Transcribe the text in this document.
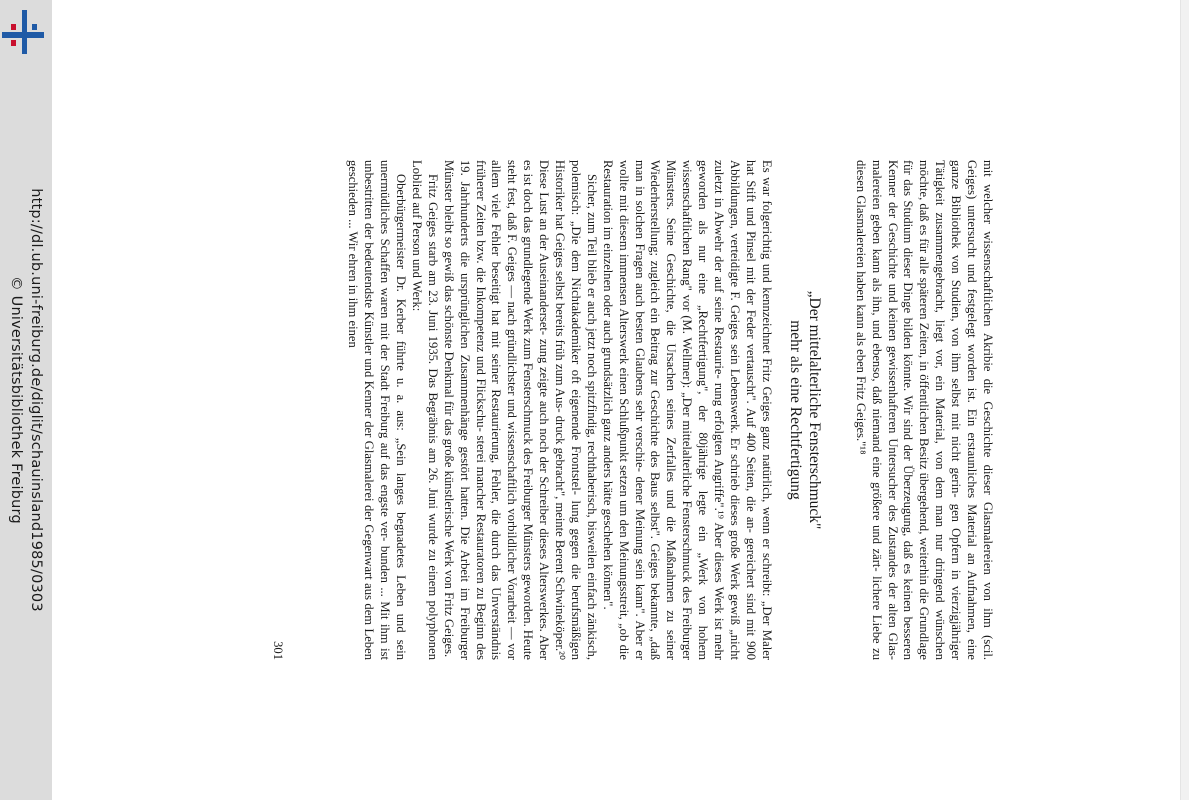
http://dl.ub.uni-freiburg.de/diglit/schauinsland1985/0303
© Universitätsbibliothek Freiburg	mit welcher wissenschaftlichen Akribie die Geschichte dieser Glasmalereien von ihm (scil. Geiges) untersucht und festgelegt worden ist. Ein erstaunliches Material an Aufnahmen, eine ganze Bibliothek von Studien, von ihm selbst mit nicht gerin- gen Opfern in vierzigjähriger Tätigkeit zusammengebracht, liegt vor, ein Material, von dem man nur dringend wünschen möchte, daß es für alle späteren Zeiten, in öffentlichen Besitz übergehend, weiterhin die Grundlage für das Studium dieser Dinge bilden könnte. Wir sind der Überzeugung, daß es keinen besseren Kenner der Geschichte und keinen gewissenhafteren Untersucher des Zustandes der alten Glas- malereien geben kann als ihn, und ebenso, daß niemand eine größere und zärt- lichere Liebe zu diesen Glasmalereien haben kann als eben Fritz Geiges."¹⁸

„Der mittelalterliche Fensterschmuck"
mehr als eine Rechtfertigung

Es war folgerichtig und kennzeichnet Fritz Geiges ganz natürlich, wenn er schreibt: „Der Maler hat Stift und Pinsel mit der Feder vertauscht". Auf 400 Seiten, die an- gereichert sind mit 900 Abbildungen, verteidigte F. Geiges sein Lebenswerk. Er schrieb dieses große Werk gewiß „nicht zuletzt in Abwehr der auf seine Restaurie- rung erfolgten Angriffe".¹⁹ Aber dieses Werk ist mehr geworden als nur eine „Rechtfertigung", der 80jährige legte ein „Werk von hohem wissenschaftlichen Rang" vor (M. Wellmer): „Der mittelalterliche Fensterschmuck des Freiburger Münsters. Seine Geschichte, die Ursachen seines Zerfalles und die Maßnahmen zu seiner Wiederherstellung; zugleich ein Beitrag zur Geschichte des Baus selbst". Geiges bekannte, „daß man in solchen Fragen auch besten Glaubens sehr verschie- dener Meinung sein kann". Aber er wollte mit diesem immensen Alterswerk einen Schlußpunkt setzen um den Meinungsstreit, „ob die Restauration im einzelnen oder auch grundsätzlich ganz anders hätte geschehen können".

Sicher, zum Teil blieb er auch jetzt noch spitzfindig, rechthaberisch, bisweilen einfach zänkisch, polemisch: „Die dem Nichtakademiker oft eigenende Frontstel- lung gegen die berufsmäßigen Historiker hat Geiges selbst bereits früh zum Aus- druck gebracht", meinte Berent Schwineköper.²⁰ Diese Lust an der Auseinanderset- zung zeigte auch noch der Schreiber dieses Alterswerkes. Aber es ist doch das grundlegende Werk zum Fensterschmuck des Freiburger Münsters geworden. Heute steht fest, daß F. Geiges — nach gründlichster und wissenschaftlich vorbildlicher Vorarbeit — vor allem viele Fehler beseitigt hat mit seiner Restaurierung, Fehler, die durch das Unverständnis früherer Zeiten bzw. die Inkompetenz und Flickschu- sterei mancher Restauratoren zu Beginn des 19. Jahrhunderts die ursprünglichen Zusammenhänge gestört hatten. Die Arbeit im Freiburger Münster bleibt so gewiß das schönste Denkmal für das große künstlerische Werk von Fritz Geiges.

Fritz Geiges starb am 23. Juni 1935. Das Begräbnis am 26. Juni wurde zu einem polyphonen Loblied auf Person und Werk:

Oberbürgermeister Dr. Kerber führte u. a. aus: „Sein langes begnadetes Leben und sein unermüdliches Schaffen waren mit der Stadt Freiburg auf das engste ver- bunden ... Mit ihm ist unbestritten der bedeutendste Künstler und Kenner der Glasmalerei der Gegenwart aus dem Leben geschieden ... Wir ehren in ihm einen

301
